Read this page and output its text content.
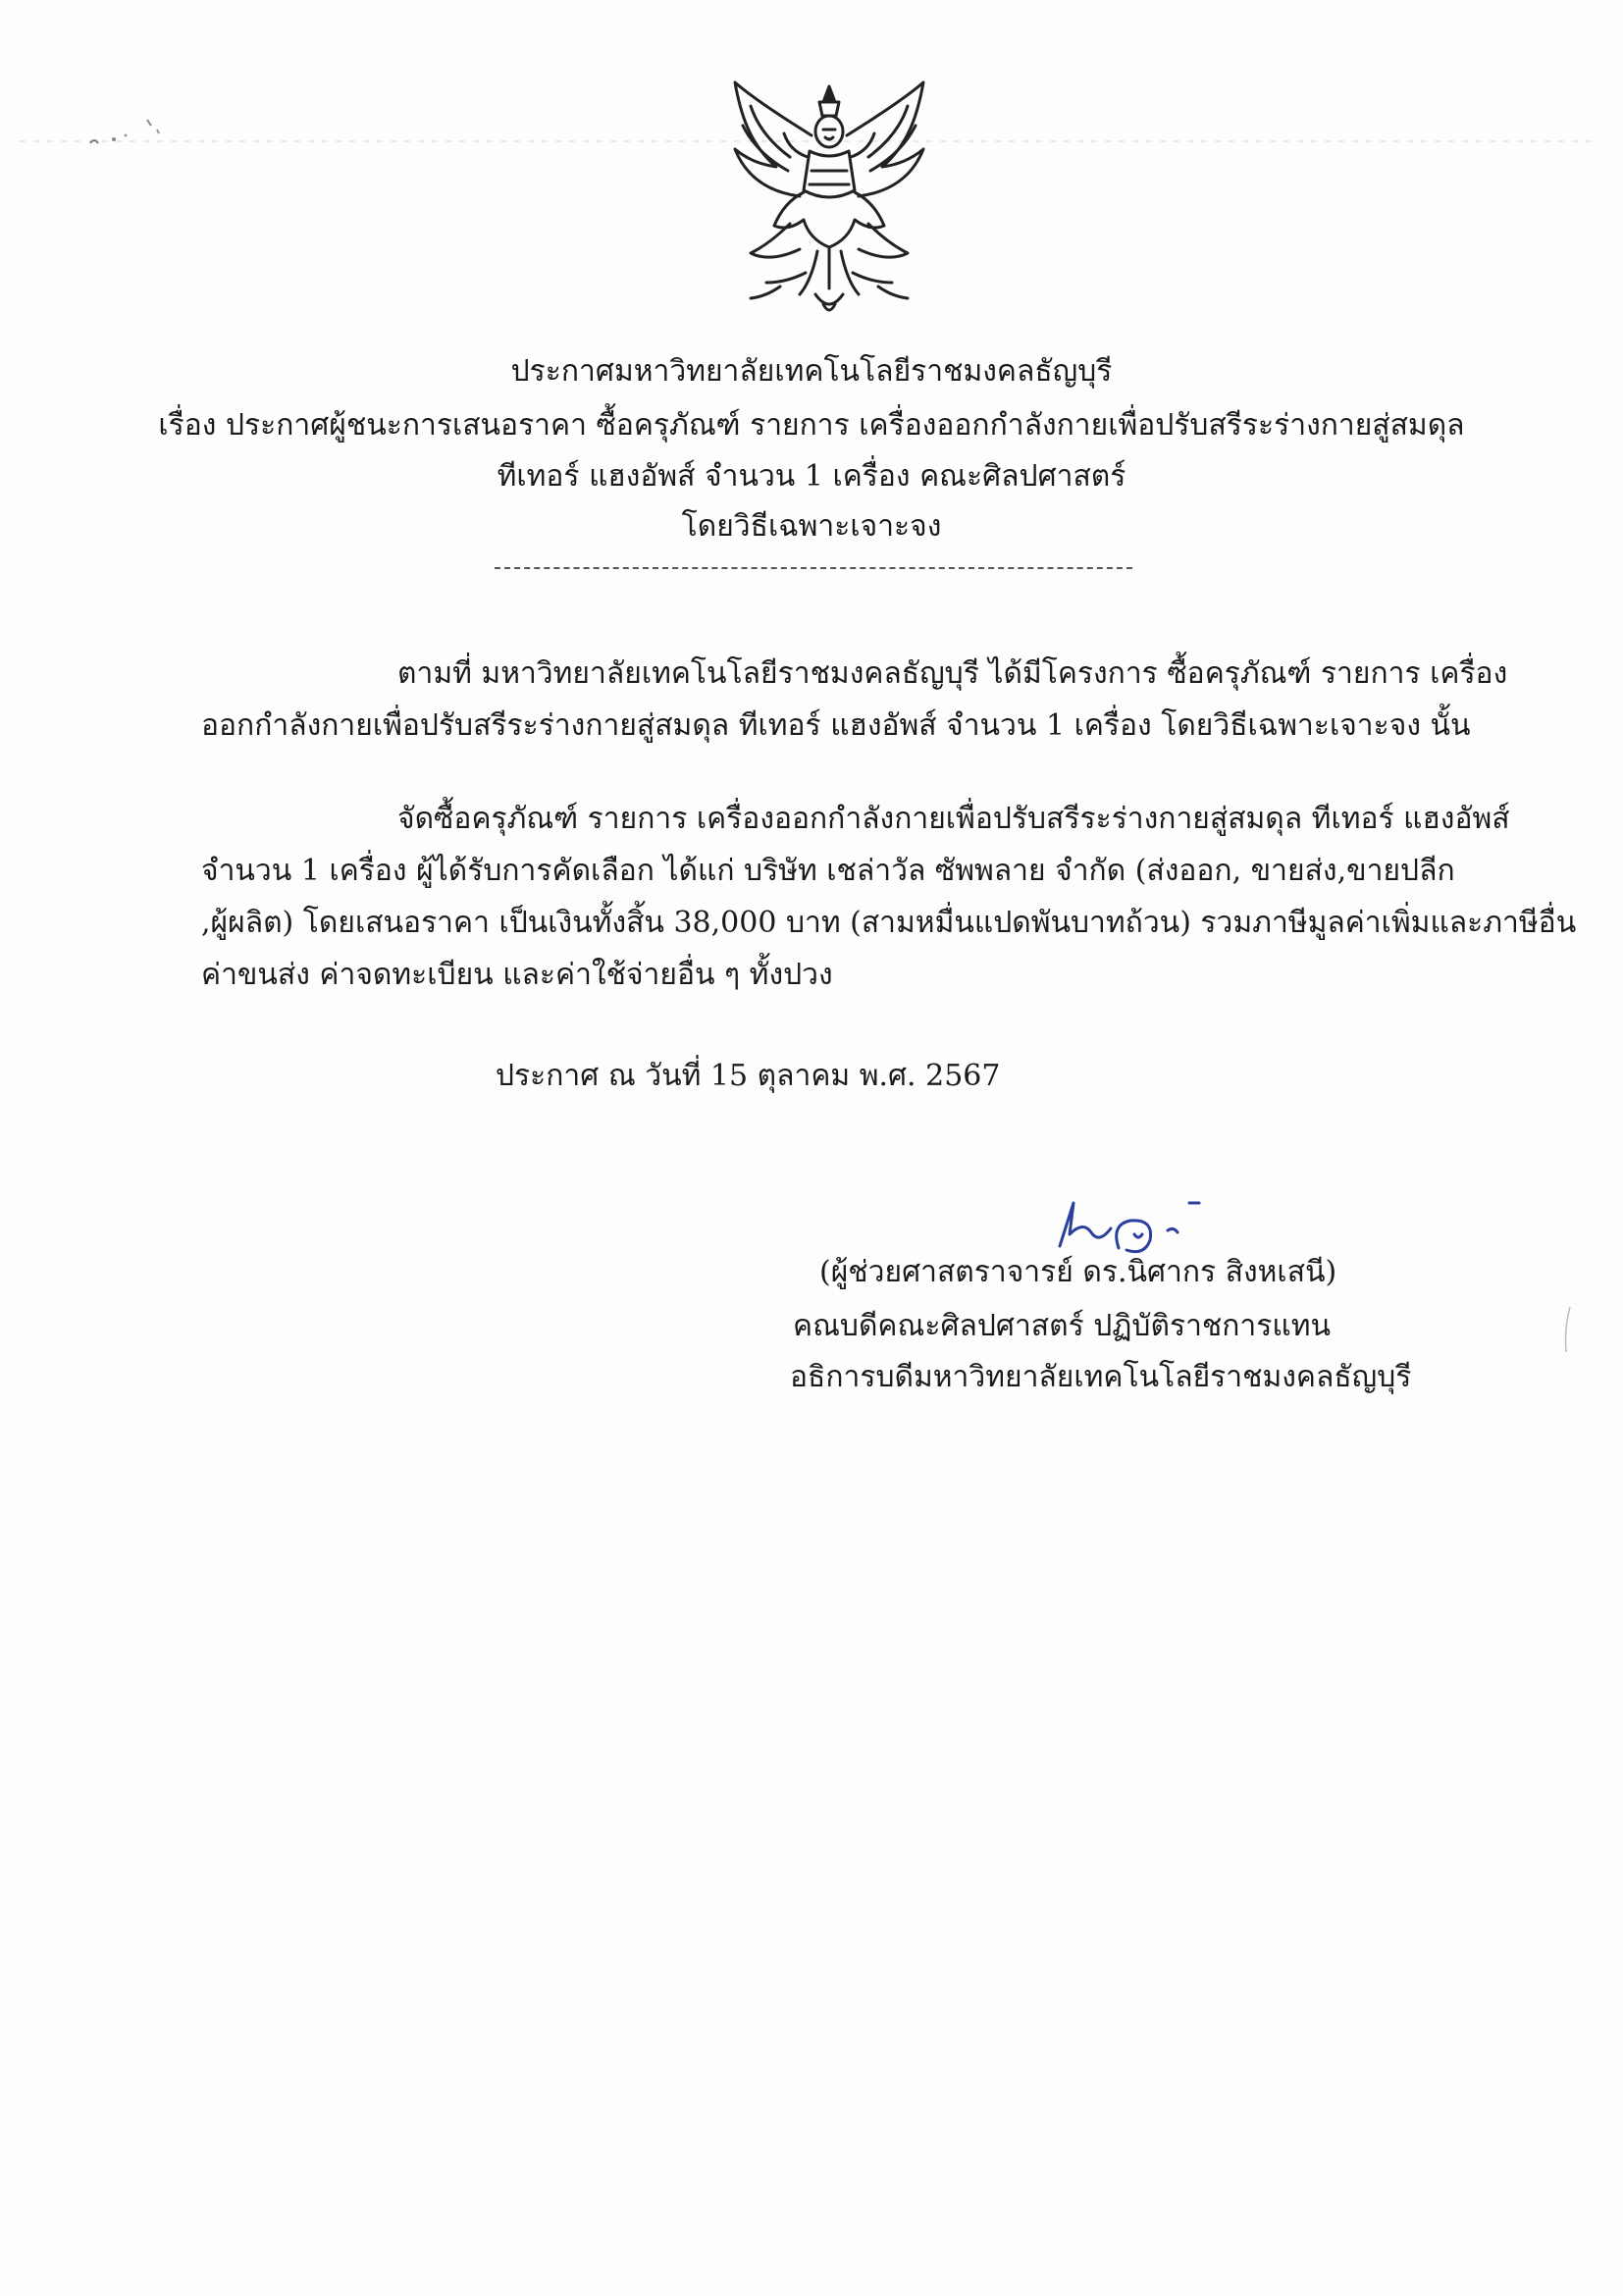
ประกาศมหาวิทยาลัยเทคโนโลยีราชมงคลธัญบุรี
เรื่อง ประกาศผู้ชนะการเสนอราคา ซื้อครุภัณฑ์ รายการ เครื่องออกกำลังกายเพื่อปรับสรีระร่างกายสู่สมดุล
ทีเทอร์ แฮงอัพส์ จำนวน 1 เครื่อง คณะศิลปศาสตร์
โดยวิธีเฉพาะเจาะจง
ตามที่ มหาวิทยาลัยเทคโนโลยีราชมงคลธัญบุรี ได้มีโครงการ ซื้อครุภัณฑ์ รายการ เครื่อง
ออกกำลังกายเพื่อปรับสรีระร่างกายสู่สมดุล ทีเทอร์ แฮงอัพส์ จำนวน 1 เครื่อง โดยวิธีเฉพาะเจาะจง นั้น
จัดซื้อครุภัณฑ์ รายการ เครื่องออกกำลังกายเพื่อปรับสรีระร่างกายสู่สมดุล ทีเทอร์ แฮงอัพส์
จำนวน 1 เครื่อง ผู้ได้รับการคัดเลือก ได้แก่ บริษัท เชล่าวัล ซัพพลาย จำกัด (ส่งออก, ขายส่ง,ขายปลีก
,ผู้ผลิต) โดยเสนอราคา เป็นเงินทั้งสิ้น 38,000 บาท (สามหมื่นแปดพันบาทถ้วน) รวมภาษีมูลค่าเพิ่มและภาษีอื่น
ค่าขนส่ง ค่าจดทะเบียน และค่าใช้จ่ายอื่น ๆ ทั้งปวง
ประกาศ ณ วันที่ 15 ตุลาคม พ.ศ. 2567
(ผู้ช่วยศาสตราจารย์ ดร.นิศากร สิงหเสนี)
คณบดีคณะศิลปศาสตร์ ปฏิบัติราชการแทน
อธิการบดีมหาวิทยาลัยเทคโนโลยีราชมงคลธัญบุรี
